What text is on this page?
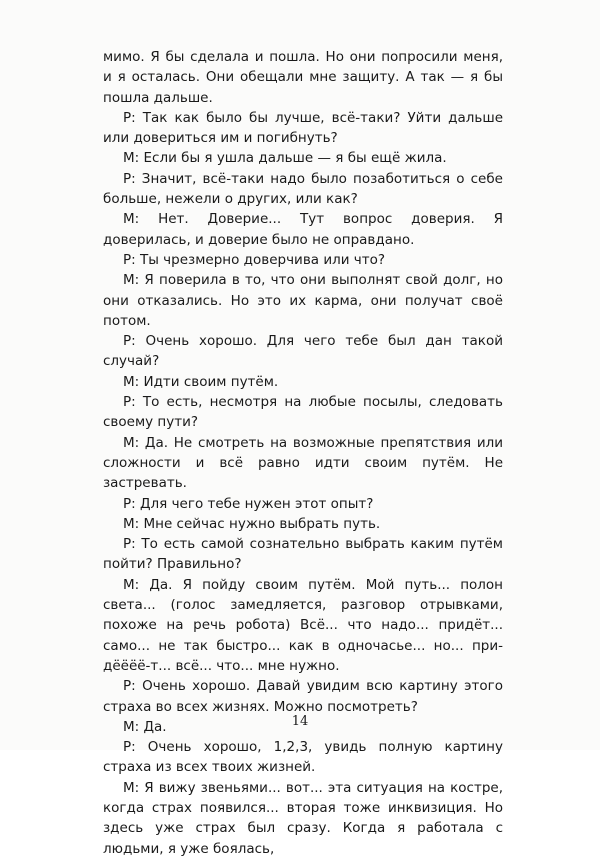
мимо. Я бы сделала и пошла. Но они попросили меня, и я осталась. Они обещали мне защиту. А так — я бы пошла дальше.

Р: Так как было бы лучше, всё-таки? Уйти дальше или довериться им и погибнуть?

М: Если бы я ушла дальше — я бы ещё жила.

Р: Значит, всё-таки надо было позаботиться о себе больше, нежели о других, или как?

М: Нет. Доверие... Тут вопрос доверия. Я доверилась, и доверие было не оправдано.

Р: Ты чрезмерно доверчива или что?

М: Я поверила в то, что они выполнят свой долг, но они отказались. Но это их карма, они получат своё потом.

Р: Очень хорошо. Для чего тебе был дан такой случай?

М: Идти своим путём.

Р: То есть, несмотря на любые посылы, следовать своему пути?

М: Да. Не смотреть на возможные препятствия или сложности и всё равно идти своим путём. Не застревать.

Р: Для чего тебе нужен этот опыт?

М: Мне сейчас нужно выбрать путь.

Р: То есть самой сознательно выбрать каким путём пойти? Правильно?

М: Да. Я пойду своим путём. Мой путь... полон света... (голос замедляется, разговор отрывками, похоже на речь робота) Всё... что надо... придёт... само... не так быстро... как в одночасье... но... при-дёёёё-т... всё... что... мне нужно.

Р: Очень хорошо. Давай увидим всю картину этого страха во всех жизнях. Можно посмотреть?

М: Да.

Р: Очень хорошо, 1,2,3, увидь полную картину страха из всех твоих жизней.

М: Я вижу звеньями... вот... эта ситуация на костре, когда страх появился... вторая тоже инквизиция. Но здесь уже страх был сразу. Когда я работала с людьми, я уже боялась,

14
